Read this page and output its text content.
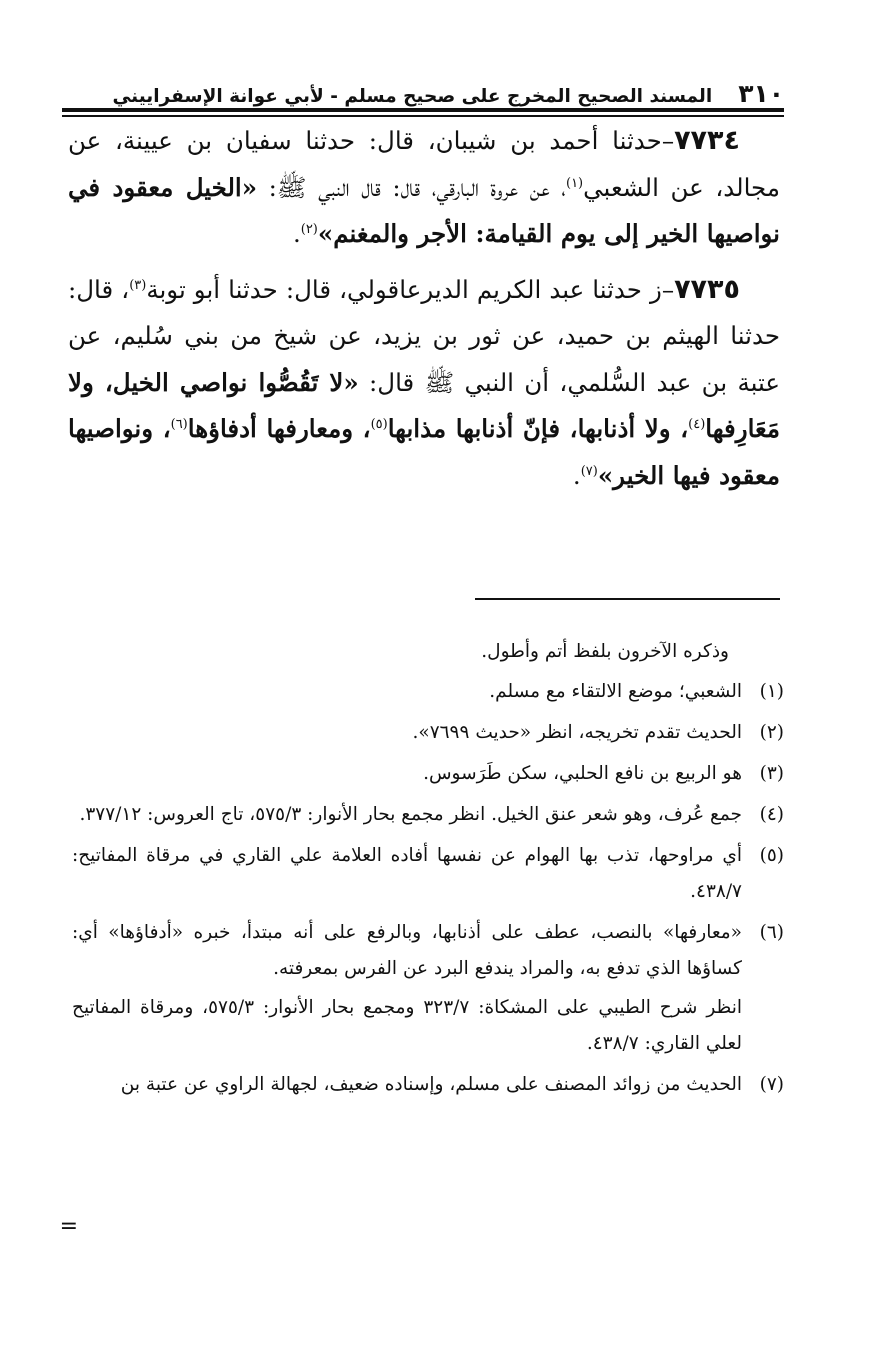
٣١٠
المسند الصحيح المخرج على صحيح مسلم - لأبي عوانة الإسفراييني

٧٧٣٤–حدثنا أحمد بن شيبان، قال: حدثنا سفيان بن عيينة، عن مجالد، عن الشعبي$^{(١)}$، عن عروة البارقي، قال: قال النبي ﷺ: «الخيل معقود في نواصيها الخير إلى يوم القيامة: الأجر والمغنم»$^{(٢)}$.

٧٧٣٥–ز حدثنا عبد الكريم الديرعاقولي، قال: حدثنا أبو توبة$^{(٣)}$، قال: حدثنا الهيثم بن حميد، عن ثور بن يزيد، عن شيخ من بني سُليم، عن عتبة بن عبد السُّلمي، أن النبي ﷺ قال: «لا تَقُصُّوا نواصي الخيل، ولا مَعَارِفها$^{(٤)}$، ولا أذنابها، فإنّ أذنابها مذابها$^{(٥)}$، ومعارفها أدفاؤها$^{(٦)}$، ونواصيها معقود فيها الخير»$^{(٧)}$.

وذكره الآخرون بلفظ أتم وأطول.

(١)

الشعبي؛ موضع الالتقاء مع مسلم.

(٢)

الحديث تقدم تخريجه، انظر «حديث ٧٦٩٩».

(٣)

هو الربيع بن نافع الحلبي، سكن طَرَسوس.

(٤)

جمع عُرف، وهو شعر عنق الخيل. انظر مجمع بحار الأنوار: ٥٧٥/٣، تاج العروس: ٣٧٧/١٢.

(٥)

أي مراوحها، تذب بها الهوام عن نفسها أفاده العلامة علي القاري في مرقاة المفاتيح: ٤٣٨/٧.

(٦)

«معارفها» بالنصب، عطف على أذنابها، وبالرفع على أنه مبتدأ، خبره «أدفاؤها» أي: كساؤها الذي تدفع به، والمراد يندفع البرد عن الفرس بمعرفته.

انظر شرح الطيبي على المشكاة: ٣٢٣/٧ ومجمع بحار الأنوار: ٥٧٥/٣، ومرقاة المفاتيح لعلي القاري: ٤٣٨/٧.

(٧)

الحديث من زوائد المصنف على مسلم، وإسناده ضعيف، لجهالة الراوي عن عتبة بن

=
